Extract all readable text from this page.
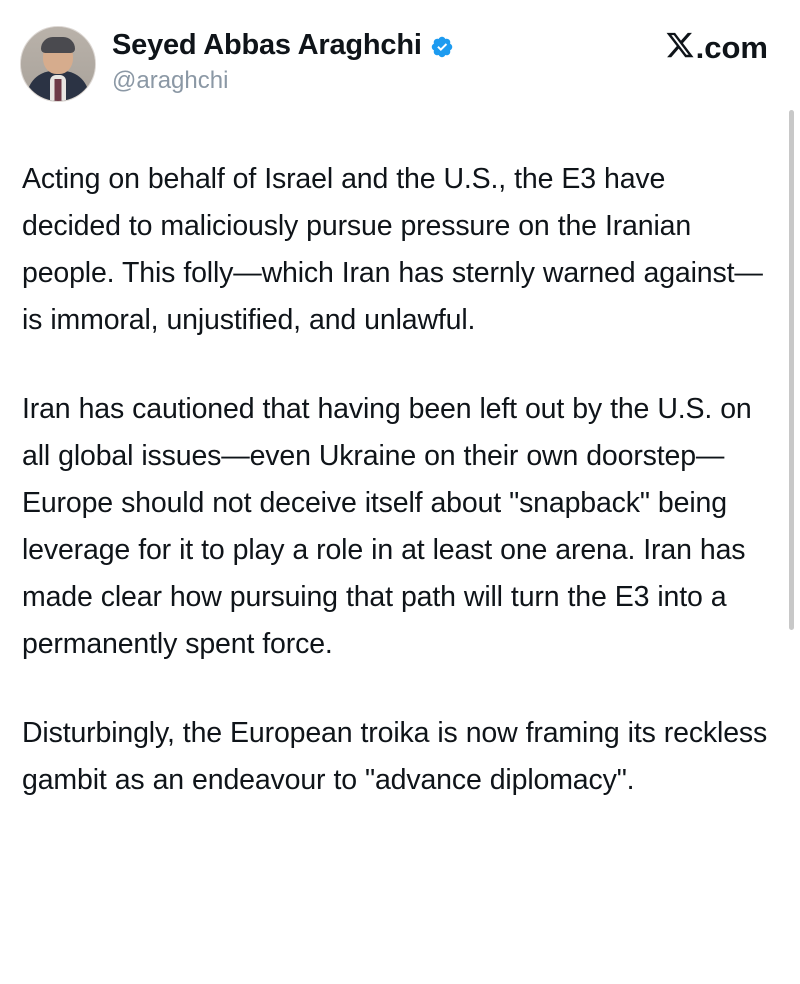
Seyed Abbas Araghchi
@araghchi
.com

Acting on behalf of Israel and the U.S., the E3 have decided to maliciously pursue pressure on the Iranian people. This folly—which Iran has sternly warned against—is immoral, unjustified, and unlawful.

Iran has cautioned that having been left out by the U.S. on all global issues—even Ukraine on their own doorstep—Europe should not deceive itself about "snapback" being leverage for it to play a role in at least one arena. Iran has made clear how pursuing that path will turn the E3 into a permanently spent force.

Disturbingly, the European troika is now framing its reckless gambit as an endeavour to "advance diplomacy".
